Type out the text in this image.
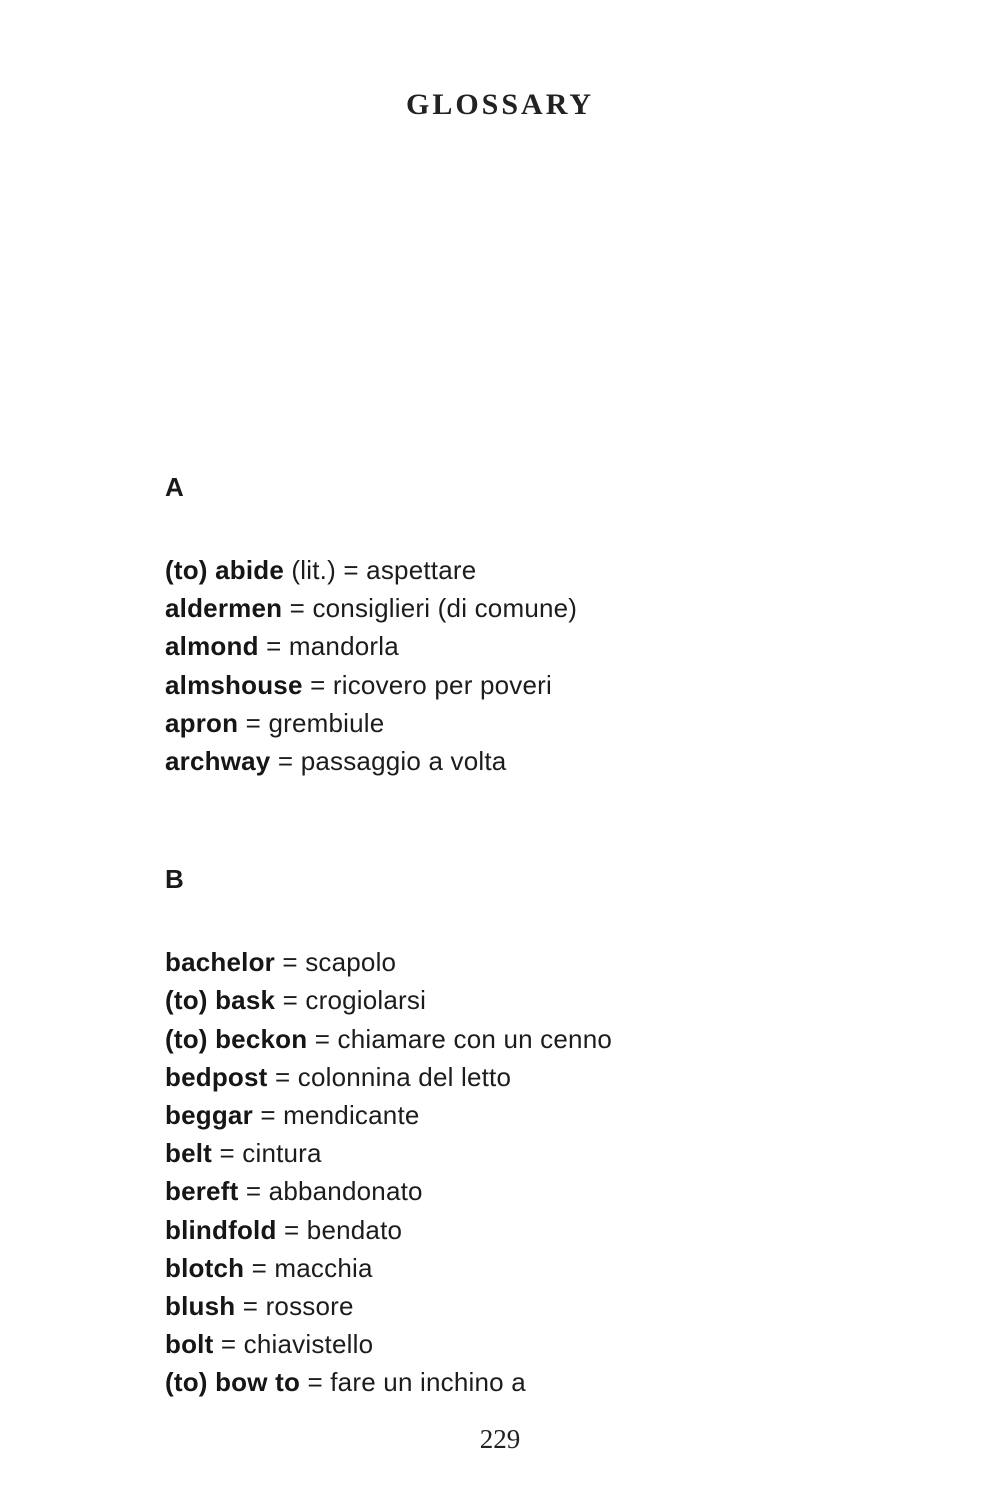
GLOSSARY
A
(to) abide (lit.) = aspettare
aldermen = consiglieri (di comune)
almond = mandorla
almshouse = ricovero per poveri
apron = grembiule
archway = passaggio a volta
B
bachelor = scapolo
(to) bask = crogiolarsi
(to) beckon = chiamare con un cenno
bedpost = colonnina del letto
beggar = mendicante
belt = cintura
bereft = abbandonato
blindfold = bendato
blotch = macchia
blush = rossore
bolt = chiavistello
(to) bow to = fare un inchino a
229
